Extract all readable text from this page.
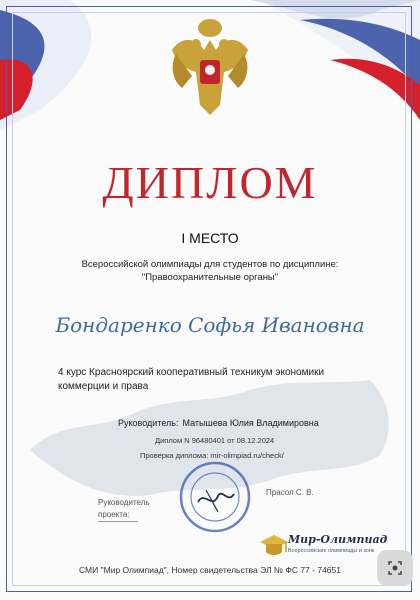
ДИПЛОМ
I МЕСТО
Всероссийской олимпиады для студентов по дисциплине:
"Правоохранительные органы"
Бондаренко Софья Ивановна
4 курс Красноярский кооперативный техникум экономики коммерции и права
Руководитель: Матышева Юлия Владимировна
Диплом N 96480401 от 08.12.2024
Проверка диплома: mir-olimpiad.ru/check/
Руководитель проекта:
Прасол С. В.
Мир-Олимпиад
Всероссийские олимпиады и конк
СМИ "Мир Олимпиад", Номер свидетельства ЭЛ № ФС 77 - 74651
